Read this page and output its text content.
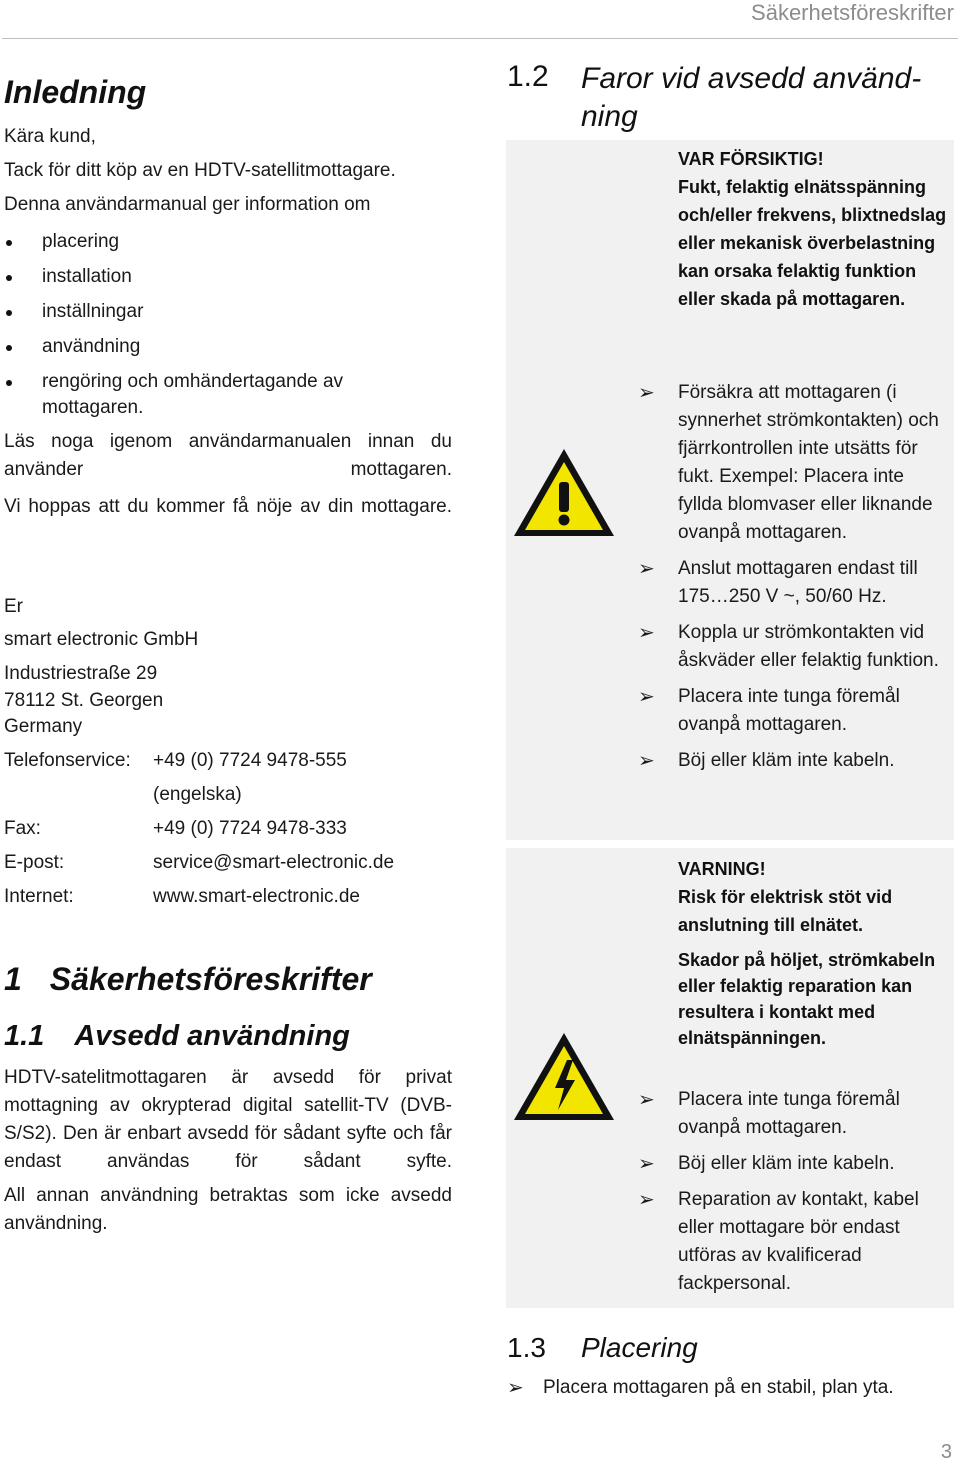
Säkerhetsföreskrifter
Inledning
Kära kund,
Tack för ditt köp av en HDTV-satellitmottagare.
Denna användarmanual ger information om
placering
installation
inställningar
användning
rengöring och omhändertagande av mottagaren.
Läs noga igenom användarmanualen innan du använder mottagaren.
Vi hoppas att du kommer få nöje av din mottagare.
Er
smart electronic GmbH
Industriestraße 29
78112 St. Georgen
Germany
Telefonservice: +49 (0) 7724 9478-555
(engelska)
Fax:	+49 (0) 7724 9478-333
E-post:	service@smart-electronic.de
Internet:	www.smart-electronic.de
1 Säkerhetsföreskrifter
1.1 Avsedd användning
HDTV-satelitmottagaren är avsedd för privat mottagning av okrypterad digital satellit-TV (DVB-S/S2). Den är enbart avsedd för sådant syfte och får endast användas för sådant syfte.
All annan användning betraktas som icke avsedd användning.
1.2 Faror vid avsedd använd-
ning
VAR FÖRSIKTIG!
Fukt, felaktig elnätsspänning och/eller frekvens, blixtnedslag eller mekanisk överbelastning kan orsaka felaktig funktion eller skada på mottagaren.
➢ Försäkra att mottagaren (i synnerhet strömkontakten) och fjärrkontrollen inte utsätts för fukt. Exempel: Placera inte fyllda blomvaser eller liknande ovanpå mottagaren.
➢ Anslut mottagaren endast till 175…250 V ~, 50/60 Hz.
➢ Koppla ur strömkontakten vid åskväder eller felaktig funktion.
➢ Placera inte tunga föremål ovanpå mottagaren.
➢ Böj eller kläm inte kabeln.
VARNING!
Risk för elektrisk stöt vid anslutning till elnätet.
Skador på höljet, strömkabeln eller felaktig reparation kan resultera i kontakt med elnätspänningen.
➢ Placera inte tunga föremål ovanpå mottagaren.
➢ Böj eller kläm inte kabeln.
➢ Reparation av kontakt, kabel eller mottagare bör endast utföras av kvalificerad fackpersonal.
1.3 Placering
➢ Placera mottagaren på en stabil, plan yta.
3
